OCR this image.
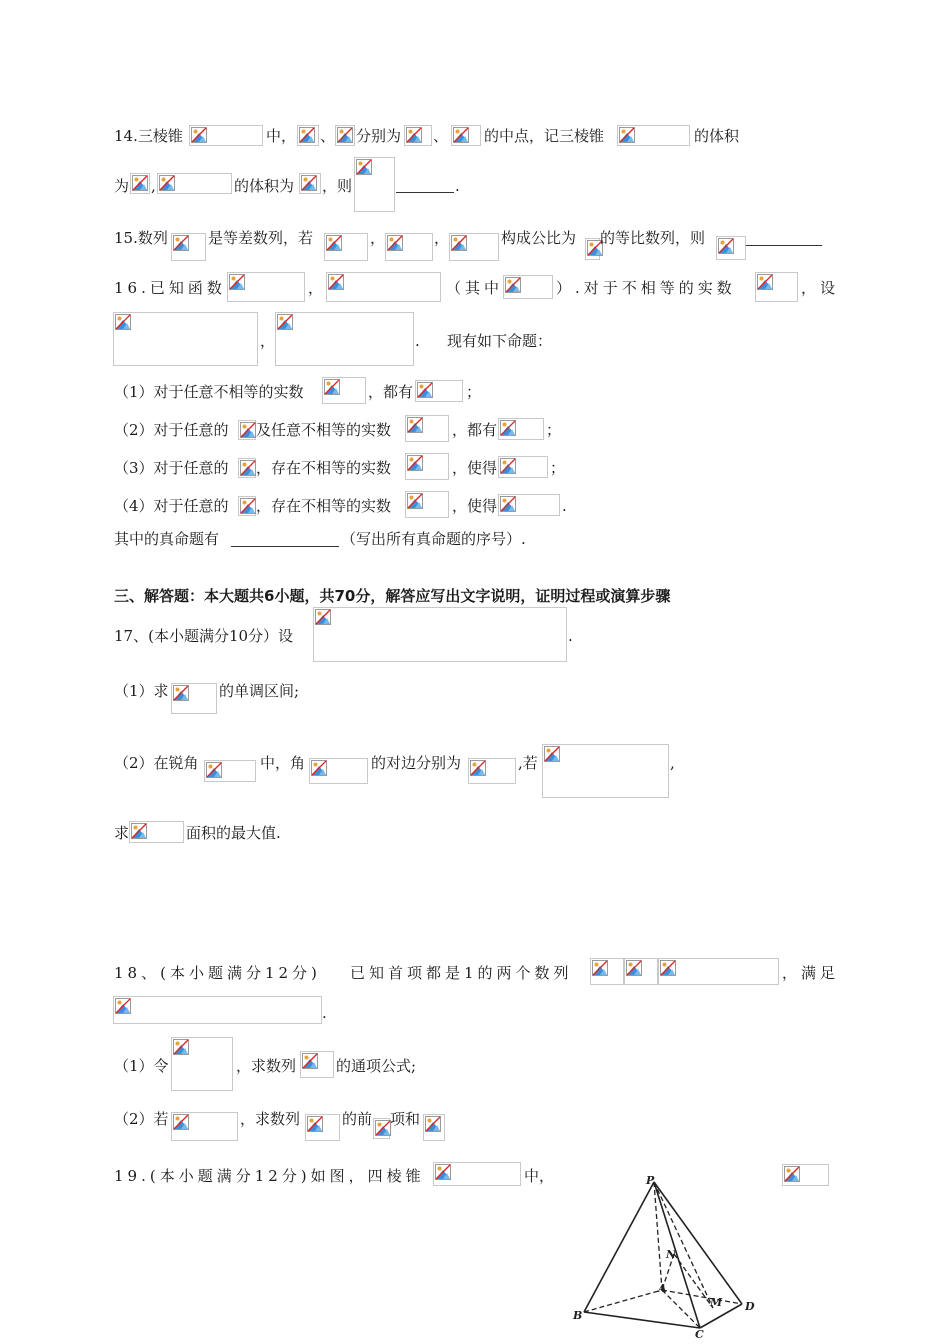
14.三棱锥	中， 、 分别为 、 的中点，记三棱锥	的体积
为 ,	的体积为 ，则	.
15.数列	是等差数列，若	，	，	构成公比为 的等比数列，则
16.已知函数	，	（其中	）.对于不相等的实数	，设
，	. 现有如下命题：
（1）对于任意不相等的实数	，都有	；
（2）对于任意的 及任意不相等的实数	，都有	；
（3）对于任意的 ，存在不相等的实数	，使得	；
（4）对于任意的 ，存在不相等的实数	，使得	.
其中的真命题有	（写出所有真命题的序号）.
三、解答题：本大题共6小题，共70分，解答应写出文字说明，证明过程或演算步骤
17、(本小题满分10分）设	.
（1）求	的单调区间;
（2）在锐角	中，角	的对边分别为	,若	,
求	面积的最大值.
18、(本小题满分12分) 已知首项都是1的两个数列	，满足
.
（1）令	，求数列	的通项公式;
（2）若	，求数列	的前 项和
19.(本小题满分12分)如图，四棱锥	中，	P
N
A
M
B
C
D
